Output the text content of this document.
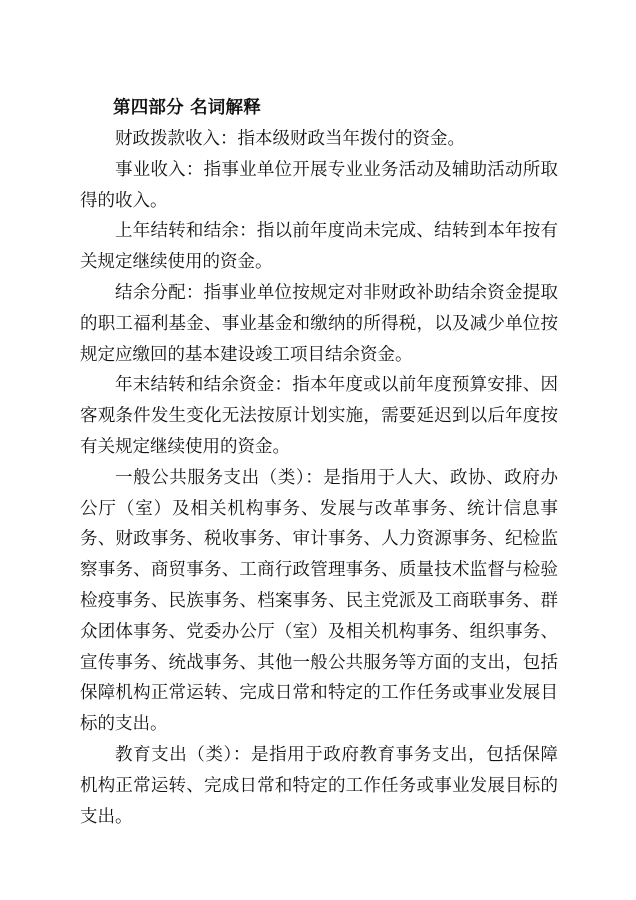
第四部分 名词解释

财政拨款收入：指本级财政当年拨付的资金。

事业收入：指事业单位开展专业业务活动及辅助活动所取得的收入。

上年结转和结余：指以前年度尚未完成、结转到本年按有关规定继续使用的资金。

结余分配：指事业单位按规定对非财政补助结余资金提取的职工福利基金、事业基金和缴纳的所得税，以及减少单位按规定应缴回的基本建设竣工项目结余资金。

年末结转和结余资金：指本年度或以前年度预算安排、因客观条件发生变化无法按原计划实施，需要延迟到以后年度按有关规定继续使用的资金。

一般公共服务支出（类）：是指用于人大、政协、政府办公厅（室）及相关机构事务、发展与改革事务、统计信息事务、财政事务、税收事务、审计事务、人力资源事务、纪检监察事务、商贸事务、工商行政管理事务、质量技术监督与检验检疫事务、民族事务、档案事务、民主党派及工商联事务、群众团体事务、党委办公厅（室）及相关机构事务、组织事务、宣传事务、统战事务、其他一般公共服务等方面的支出，包括保障机构正常运转、完成日常和特定的工作任务或事业发展目标的支出。

教育支出（类）：是指用于政府教育事务支出，包括保障机构正常运转、完成日常和特定的工作任务或事业发展目标的支出。
